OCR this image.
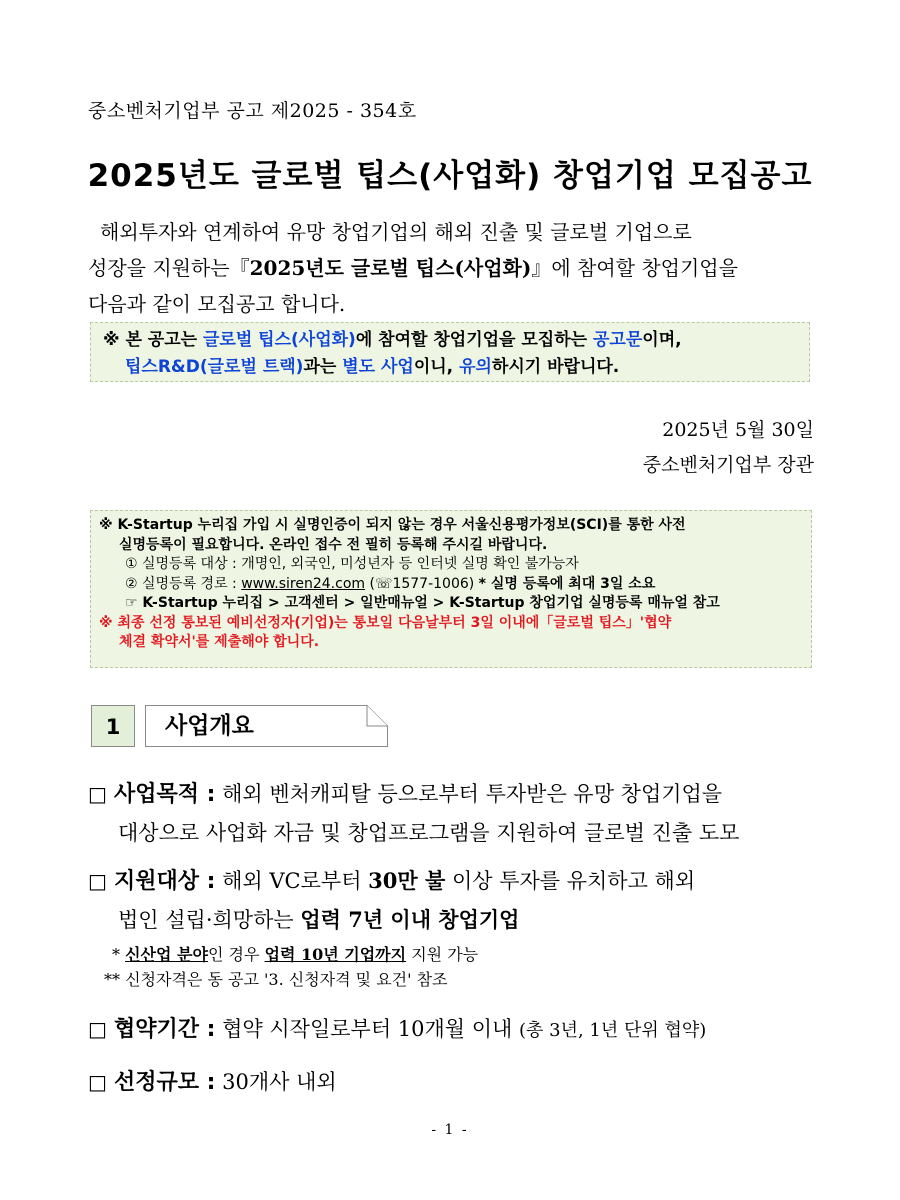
중소벤처기업부 공고 제2025 - 354호
2025년도 글로벌 팁스(사업화) 창업기업 모집공고
해외투자와 연계하여 유망 창업기업의 해외 진출 및 글로벌 기업으로
성장을 지원하는『2025년도 글로벌 팁스(사업화)』에 참여할 창업기업을
다음과 같이 모집공고 합니다.
※ 본 공고는 글로벌 팁스(사업화)에 참여할 창업기업을 모집하는 공고문이며,
팁스R&D(글로벌 트랙)과는 별도 사업이니, 유의하시기 바랍니다.
2025년 5월 30일
중소벤처기업부 장관
※ K-Startup 누리집 가입 시 실명인증이 되지 않는 경우 서울신용평가정보(SCI)를 통한 사전
실명등록이 필요합니다. 온라인 접수 전 필히 등록해 주시길 바랍니다.
① 실명등록 대상 : 개명인, 외국인, 미성년자 등 인터넷 실명 확인 불가능자
② 실명등록 경로 : www.siren24.com (☏1577-1006) * 실명 등록에 최대 3일 소요
☞ K-Startup 누리집 > 고객센터 > 일반매뉴얼 > K-Startup 창업기업 실명등록 매뉴얼 참고
※ 최종 선정 통보된 예비선정자(기업)는 통보일 다음날부터 3일 이내에「글로벌 팁스」'협약
체결 확약서'를 제출해야 합니다.
1	사업개요
□ 사업목적 : 해외 벤처캐피탈 등으로부터 투자받은 유망 창업기업을
대상으로 사업화 자금 및 창업프로그램을 지원하여 글로벌 진출 도모
□ 지원대상 : 해외 VC로부터 30만 불 이상 투자를 유치하고 해외
법인 설립·희망하는 업력 7년 이내 창업기업
* 신산업 분야인 경우 업력 10년 기업까지 지원 가능
** 신청자격은 동 공고 '3. 신청자격 및 요건' 참조
□ 협약기간 : 협약 시작일로부터 10개월 이내 (총 3년, 1년 단위 협약)
□ 선정규모 : 30개사 내외
- 1 -
